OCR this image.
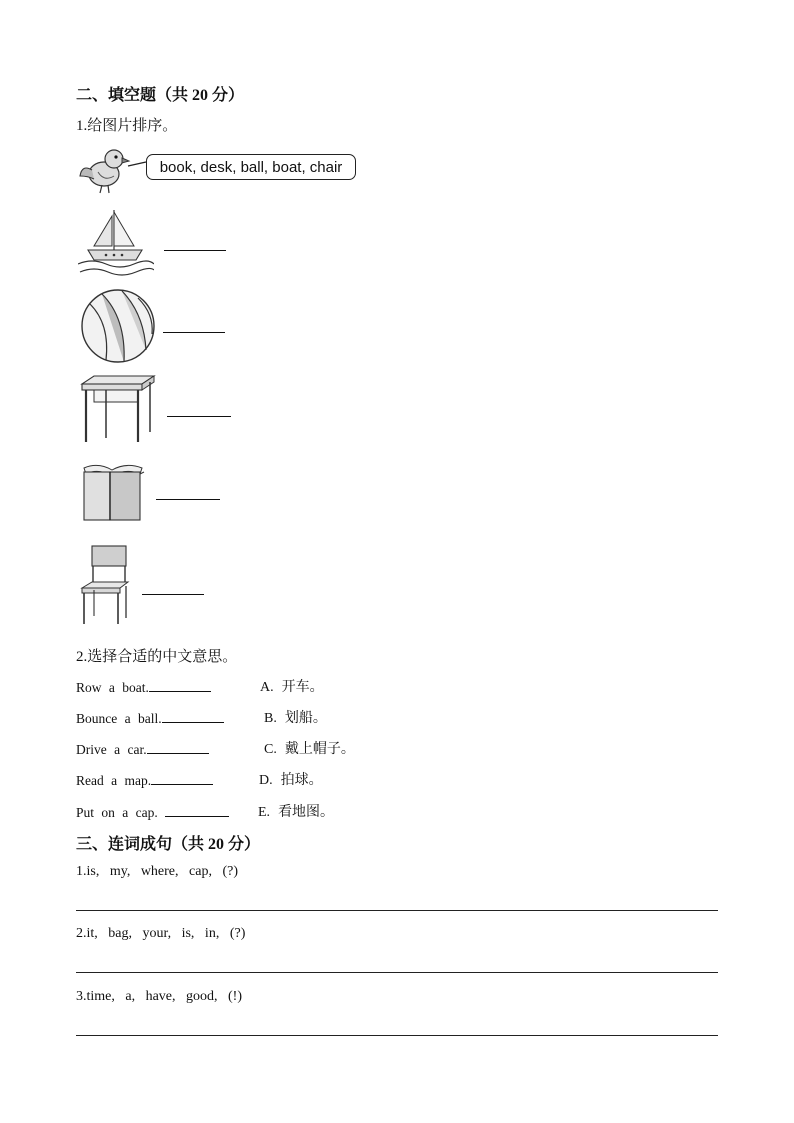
二、填空题（共 20 分）
1.给图片排序。
book, desk, ball, boat, chair
2.选择合适的中文意思。
Row a boat.	A. 开车。
Bounce a ball.	B. 划船。
Drive a car.	C. 戴上帽子。
Read a map.	D. 拍球。
Put on a cap.	E. 看地图。
三、连词成句（共 20 分）
1.is,   my,   where,   cap,   (?)
2.it,   bag,   your,   is,   in,   (?)
3.time,   a,   have,   good,   (!)
